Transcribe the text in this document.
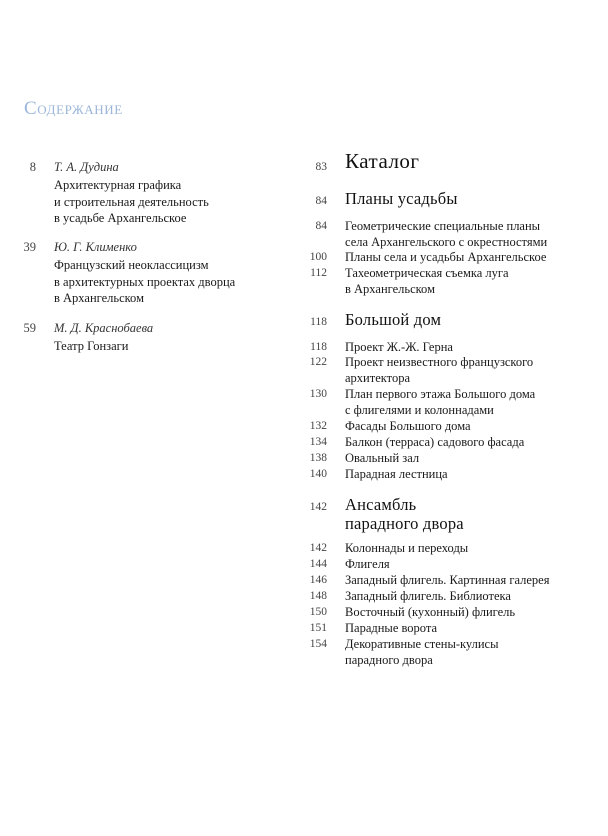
Содержание
8 Т. А. Дудина
Архитектурная графика
и строительная деятельность
в усадьбе Архангельское
39 Ю. Г. Клименко
Французский неоклассицизм
в архитектурных проектах дворца
в Архангельском
59 М. Д. Краснобаева
Театр Гонзаги
83 Каталог
84 Планы усадьбы
84 Геометрические специальные планы
села Архангельского с окрестностями
100 Планы села и усадьбы Архангельское
112 Тахеометрическая съемка луга
в Архангельском
118 Большой дом
118 Проект Ж.-Ж. Герна
122 Проект неизвестного французского
архитектора
130 План первого этажа Большого дома
с флигелями и колоннадами
132 Фасады Большого дома
134 Балкон (терраса) садового фасада
138 Овальный зал
140 Парадная лестница
142 Ансамбль
парадного двора
142 Колоннады и переходы
144 Флигеля
146 Западный флигель. Картинная галерея
148 Западный флигель. Библиотека
150 Восточный (кухонный) флигель
151 Парадные ворота
154 Декоративные стены-кулисы
парадного двора
